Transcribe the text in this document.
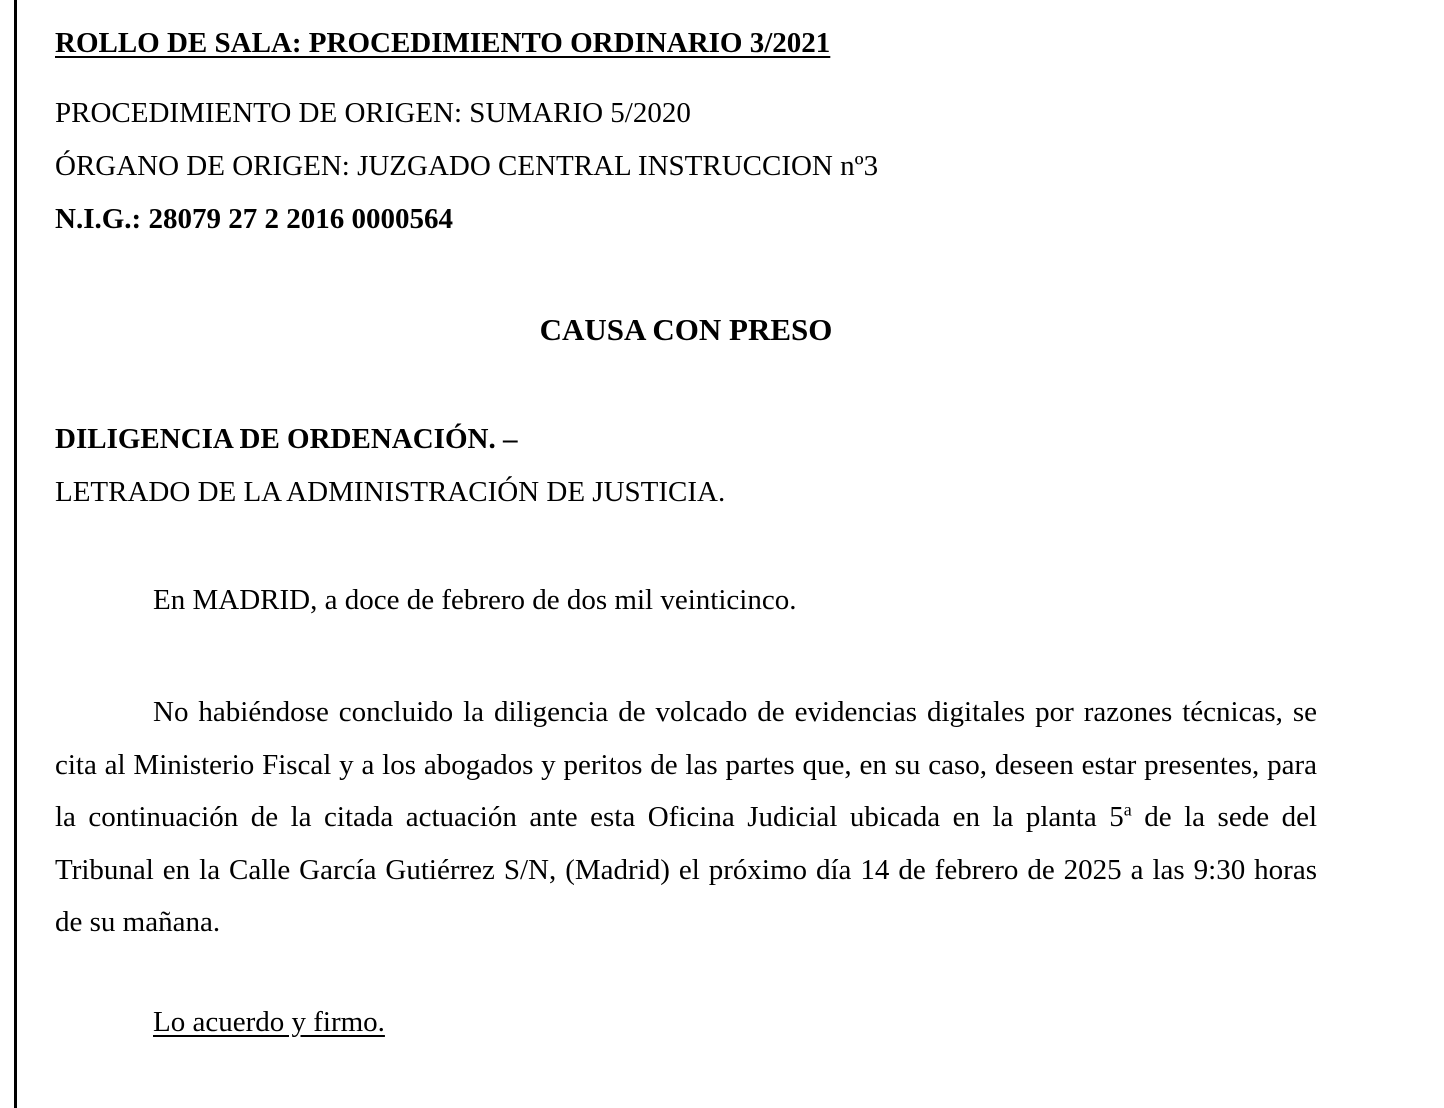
ROLLO DE SALA: PROCEDIMIENTO ORDINARIO 3/2021
PROCEDIMIENTO DE ORIGEN: SUMARIO 5/2020
ÓRGANO DE ORIGEN: JUZGADO CENTRAL INSTRUCCION nº3
N.I.G.: 28079 27 2 2016 0000564
CAUSA CON PRESO
DILIGENCIA DE ORDENACIÓN. –
LETRADO DE LA ADMINISTRACIÓN DE JUSTICIA.
En MADRID, a doce de febrero de dos mil veinticinco.

No habiéndose concluido la diligencia de volcado de evidencias digitales por razones técnicas, se cita al Ministerio Fiscal y a los abogados y peritos de las partes que, en su caso, deseen estar presentes, para la continuación de la citada actuación ante esta Oficina Judicial ubicada en la planta 5$^a$ de la sede del Tribunal en la Calle García Gutiérrez S/N, (Madrid) el próximo día 14 de febrero de 2025 a las 9:30 horas de su mañana.

Lo acuerdo y firmo.
